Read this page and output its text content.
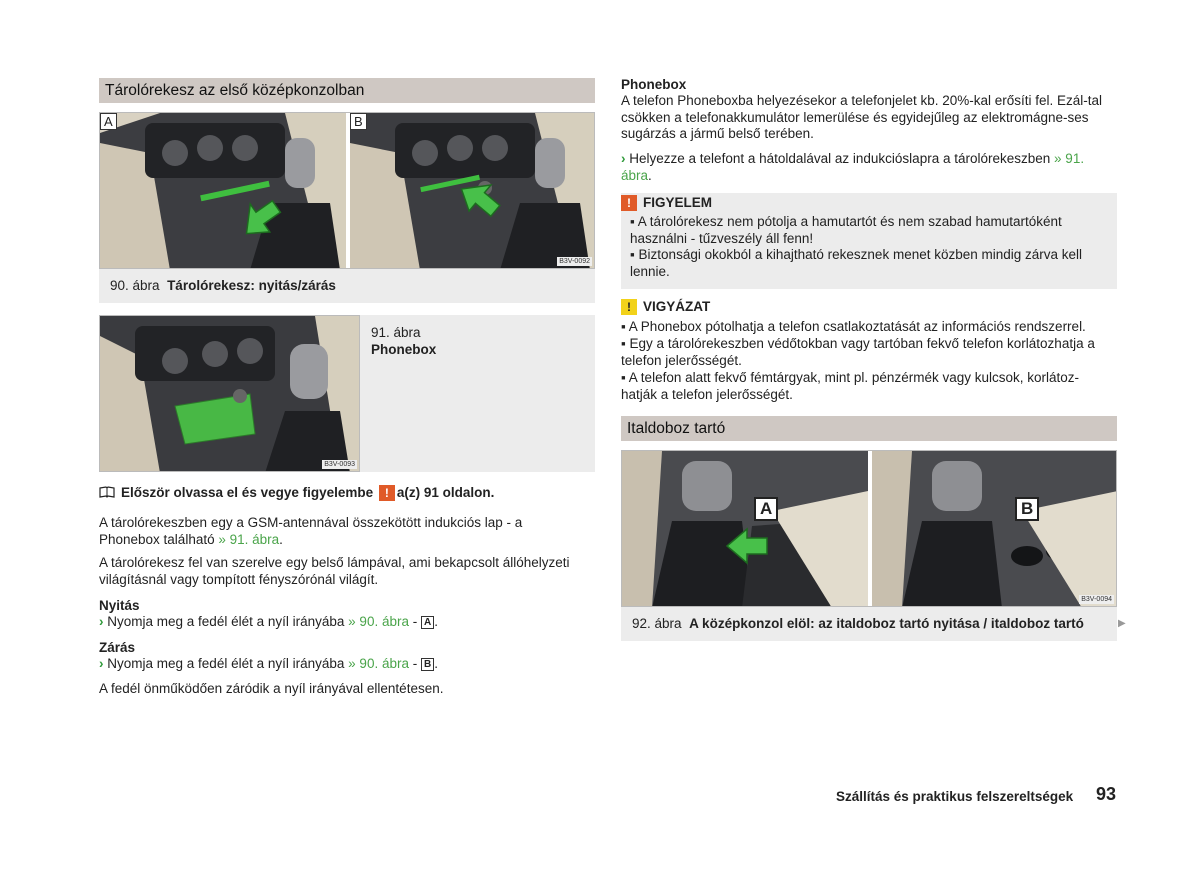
Tárolórekesz az első középkonzolban
A	B
B3V-0092
90. ábra Tárolórekesz: nyitás/zárás
B3V-0093
91. ábra
Phonebox
Először olvassa el és vegye figyelembe ! a(z) 91 oldalon.

A tárolórekeszben egy a GSM-antennával összekötött indukciós lap - a Phonebox található » 91. ábra.

A tárolórekesz fel van szerelve egy belső lámpával, ami bekapcsolt állóhelyzeti világításnál vagy tompított fényszórónál világít.

Nyitás

› Nyomja meg a fedél élét a nyíl irányába » 90. ábra - A .

Zárás

› Nyomja meg a fedél élét a nyíl irányába » 90. ábra - B .

A fedél önműködően záródik a nyíl irányával ellentétesen.

Phonebox

A telefon Phoneboxba helyezésekor a telefonjelet kb. 20%-kal erősíti fel. Ezál-tal csökken a telefonakkumulátor lemerülése és egyidejűleg az elektromágne-ses sugárzás a jármű belső terében.

› Helyezze a telefont a hátoldalával az indukcióslapra a tárolórekeszben » 91. ábra.

! FIGYELEM
▪ A tárolórekesz nem pótolja a hamutartót és nem szabad hamutartóként használni - tűzveszély áll fenn!
▪ Biztonsági okokból a kihajtható rekesznek menet közben mindig zárva kell lennie.
! VIGYÁZAT
▪ A Phonebox pótolhatja a telefon csatlakoztatását az információs rendszerrel.
▪ Egy a tárolórekeszben védőtokban vagy tartóban fekvő telefon korlátozhatja a telefon jelerősségét.
▪ A telefon alatt fekvő fémtárgyak, mint pl. pénzérmék vagy kulcsok, korlátoz-hatják a telefon jelerősségét.
Italdoboz tartó
A	B
B3V-0094
92. ábra A középkonzol elöl: az italdoboz tartó nyitása / italdoboz tartó	▶
Szállítás és praktikus felszereltségek 93
